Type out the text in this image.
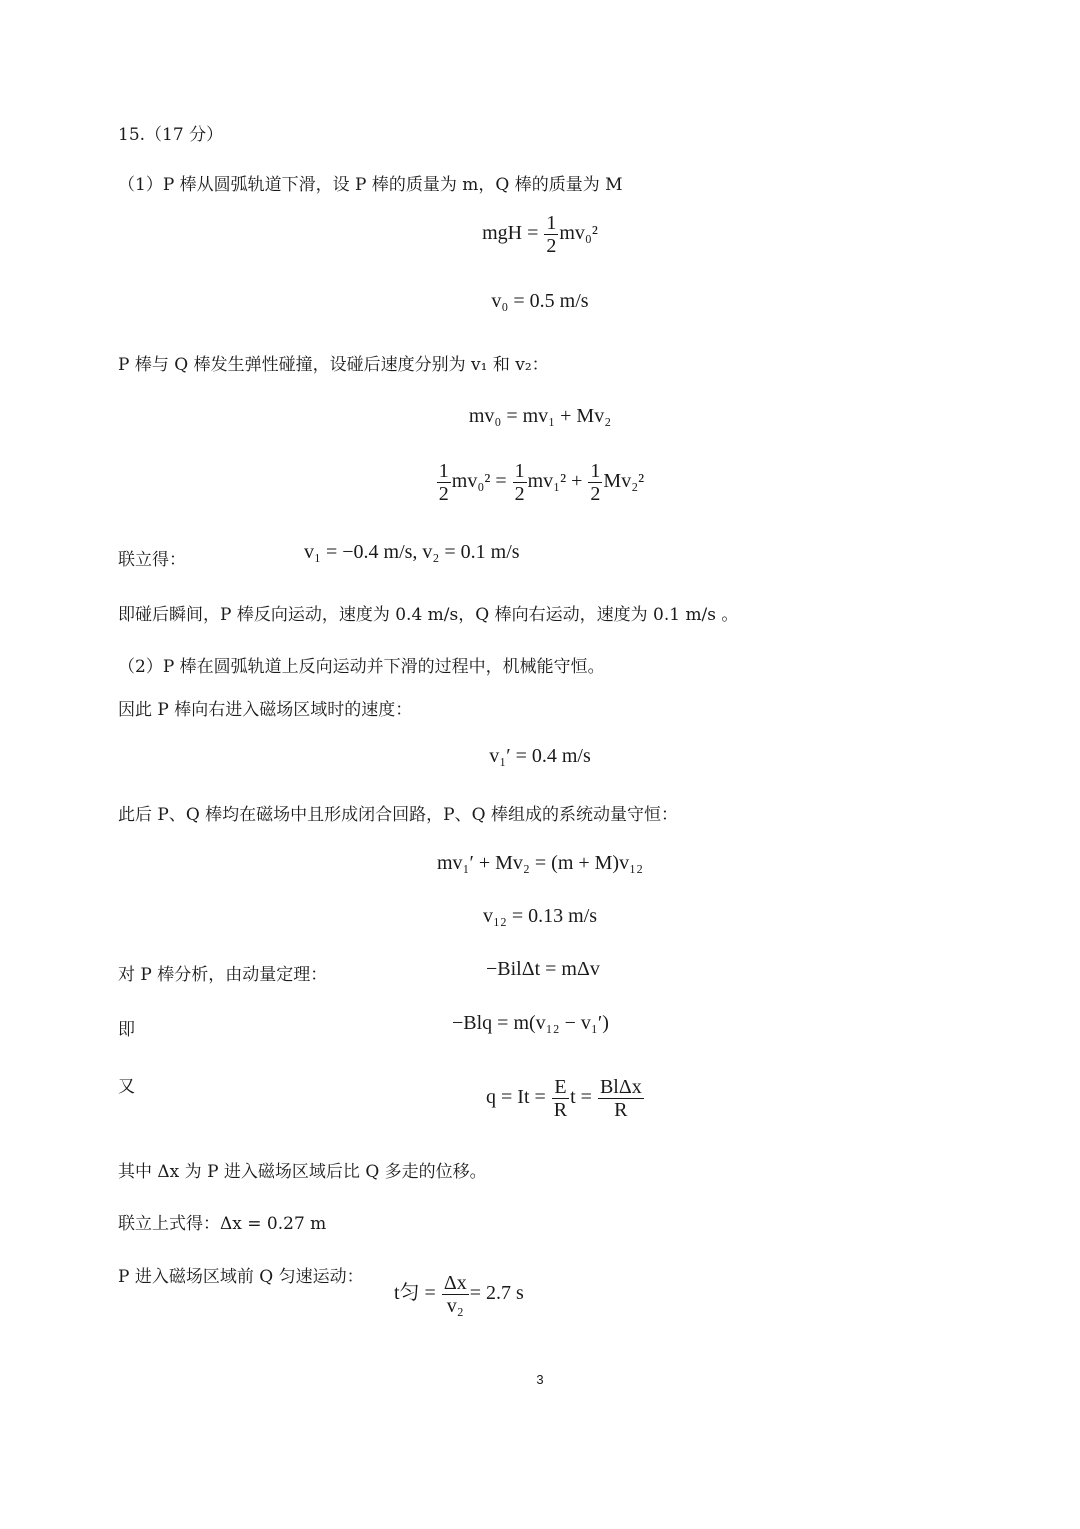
15.（17 分）
（1）P 棒从圆弧轨道下滑，设 P 棒的质量为 m，Q 棒的质量为 M
mgH = $\frac{1}{2} mv_0^2$
v₀ = 0.5 m/s
P 棒与 Q 棒发生弹性碰撞，设碰后速度分别为 v₁ 和 v₂：
mv₀ = mv₁ + Mv₂
$\frac{1}{2} mv_0^2 = \frac{1}{2} mv_1^2 + \frac{1}{2} Mv_2^2$
联立得：	v₁ = −0.4 m/s, v₂ = 0.1 m/s
即碰后瞬间，P 棒反向运动，速度为 0.4 m/s，Q 棒向右运动，速度为 0.1 m/s 。
（2）P 棒在圆弧轨道上反向运动并下滑的过程中，机械能守恒。
因此 P 棒向右进入磁场区域时的速度：
v₁′ = 0.4 m/s
此后 P、Q 棒均在磁场中且形成闭合回路，P、Q 棒组成的系统动量守恒：
mv₁′ + Mv₂ = (m + M)v₁₂
v₁₂ = 0.13 m/s
对 P 棒分析，由动量定理：	−BilΔt = mΔv
即	−Blq = m(v₁₂ − v₁′)
又	$q = It = \frac{E}{R}$ $t = \frac{\text{BlΔx}}{R}$
其中 Δx 为 P 进入磁场区域后比 Q 多走的位移。
联立上式得：Δx = 0.27 m
P 进入磁场区域前 Q 匀速运动：
t匀 = $\frac{\Delta x}{\text{v₂}} = 2.7$ s
3
